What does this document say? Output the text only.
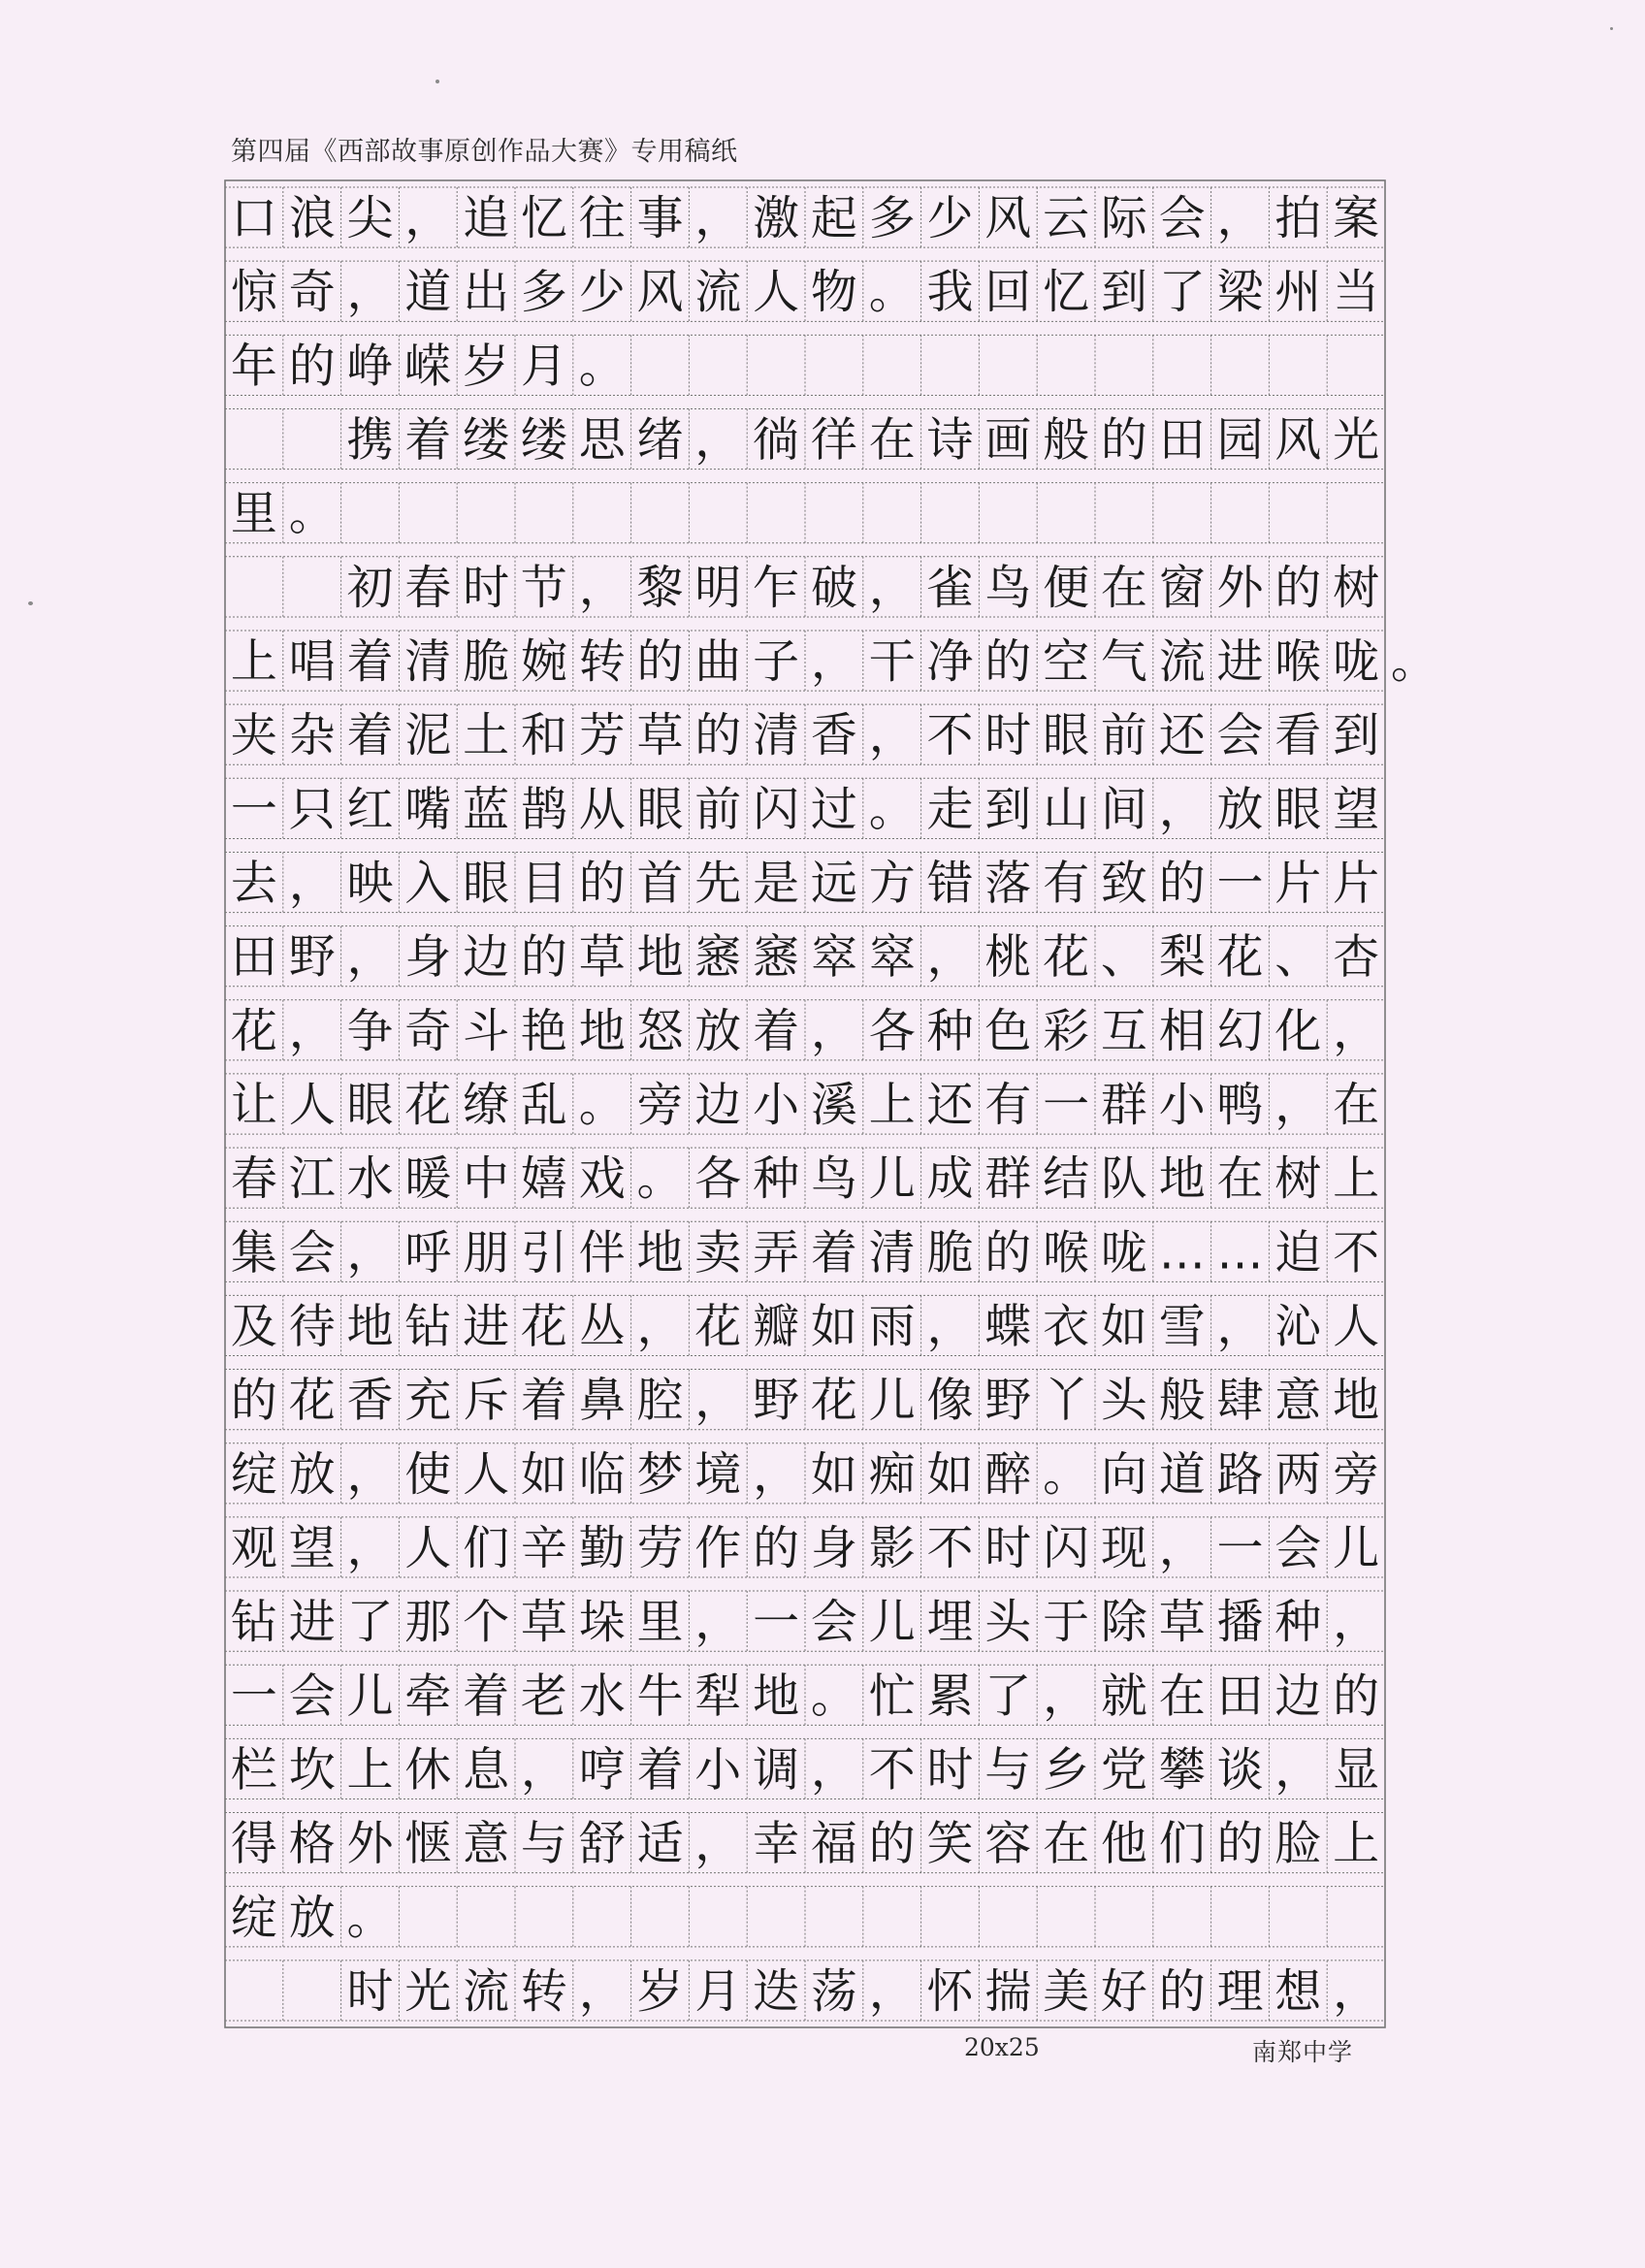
第四届《西部故事原创作品大赛》专用稿纸
口浪尖，追忆往事，激起多少风云际会，拍案
惊奇，道出多少风流人物。我回忆到了梁州当
年的峥嵘岁月。
　　携着缕缕思绪，徜徉在诗画般的田园风光
里。
　　初春时节，黎明乍破，雀鸟便在窗外的树
上唱着清脆婉转的曲子，干净的空气流进喉咙。
夹杂着泥土和芳草的清香，不时眼前还会看到
一只红嘴蓝鹊从眼前闪过。走到山间，放眼望
去，映入眼目的首先是远方错落有致的一片片
田野，身边的草地窸窸窣窣，桃花、梨花、杏
花，争奇斗艳地怒放着，各种色彩互相幻化，
让人眼花缭乱。旁边小溪上还有一群小鸭，在
春江水暖中嬉戏。各种鸟儿成群结队地在树上
集会，呼朋引伴地卖弄着清脆的喉咙……迫不
及待地钻进花丛，花瓣如雨，蝶衣如雪，沁人
的花香充斥着鼻腔，野花儿像野丫头般肆意地
绽放，使人如临梦境，如痴如醉。向道路两旁
观望，人们辛勤劳作的身影不时闪现，一会儿
钻进了那个草垛里，一会儿埋头于除草播种，
一会儿牵着老水牛犁地。忙累了，就在田边的
栏坎上休息，哼着小调，不时与乡党攀谈，显
得格外惬意与舒适，幸福的笑容在他们的脸上
绽放。
　　时光流转，岁月迭荡，怀揣美好的理想，
20x25	南郑中学
